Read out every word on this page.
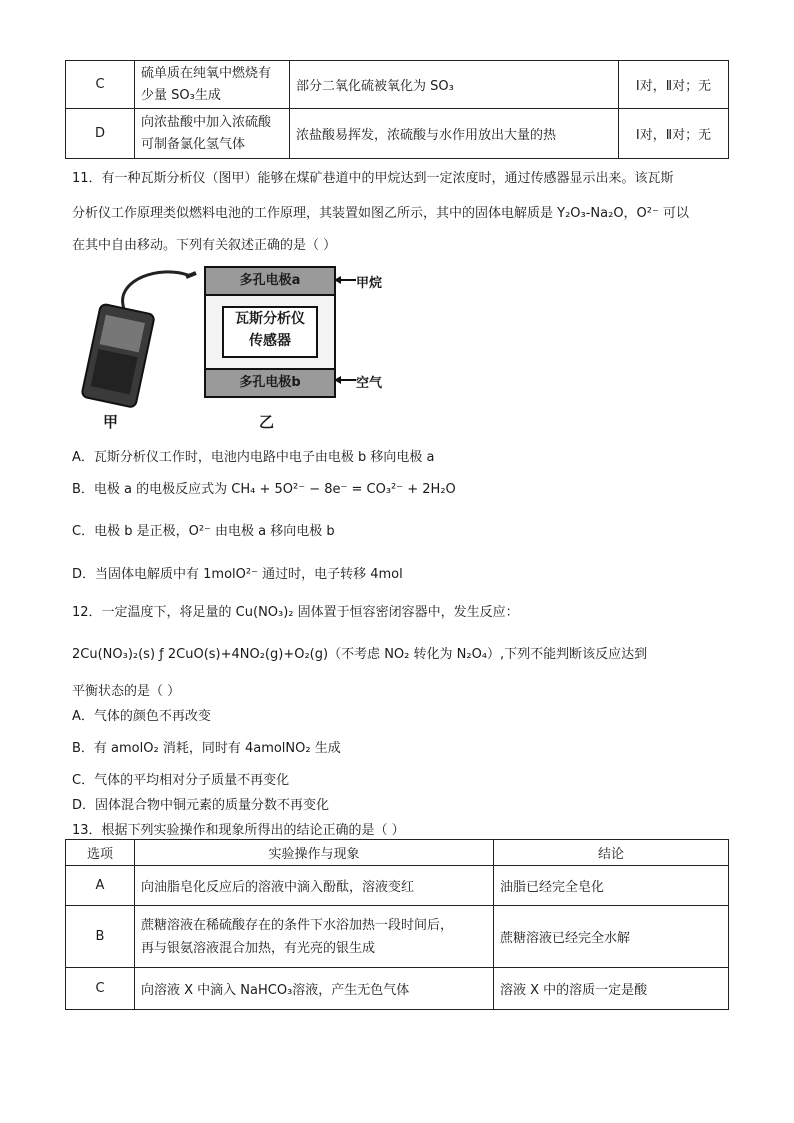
C	硫单质在纯氧中燃烧有
少量 SO₃生成	部分二氧化硫被氧化为 SO₃	Ⅰ对，Ⅱ对；无
D	向浓盐酸中加入浓硫酸
可制备氯化氢气体	浓盐酸易挥发，浓硫酸与水作用放出大量的热	Ⅰ对，Ⅱ对；无
11．有一种瓦斯分析仪（图甲）能够在煤矿巷道中的甲烷达到一定浓度时，通过传感器显示出来。该瓦斯
分析仪工作原理类似燃料电池的工作原理，其装置如图乙所示，其中的固体电解质是 Y₂O₃-Na₂O，O²⁻ 可以
在其中自由移动。下列有关叙述正确的是（ ）
多孔电极a
瓦斯分析仪
传感器
多孔电极b
甲烷
空气
甲	乙
A．瓦斯分析仪工作时，电池内电路中电子由电极 b 移向电极 a
B．电极 a 的电极反应式为 CH₄ + 5O²⁻ − 8e⁻ = CO₃²⁻ + 2H₂O
C．电极 b 是正极，O²⁻ 由电极 a 移向电极 b
D．当固体电解质中有 1molO²⁻ 通过时，电子转移 4mol
12．一定温度下，将足量的 Cu(NO₃)₂ 固体置于恒容密闭容器中，发生反应：
2Cu(NO₃)₂(s) ƒ 2CuO(s)+4NO₂(g)+O₂(g)（不考虑 NO₂ 转化为 N₂O₄）,下列不能判断该反应达到
平衡状态的是（ ）
A．气体的颜色不再改变
B．有 amolO₂ 消耗，同时有 4amolNO₂ 生成
C．气体的平均相对分子质量不再变化
D．固体混合物中铜元素的质量分数不再变化
13．根据下列实验操作和现象所得出的结论正确的是（ ）
选项	实验操作与现象	结论
A	向油脂皂化反应后的溶液中滴入酚酞，溶液变红	油脂已经完全皂化
B	蔗糖溶液在稀硫酸存在的条件下水浴加热一段时间后，
再与银氨溶液混合加热，有光亮的银生成	蔗糖溶液已经完全水解
C	向溶液 X 中滴入 NaHCO₃溶液，产生无色气体	溶液 X 中的溶质一定是酸
